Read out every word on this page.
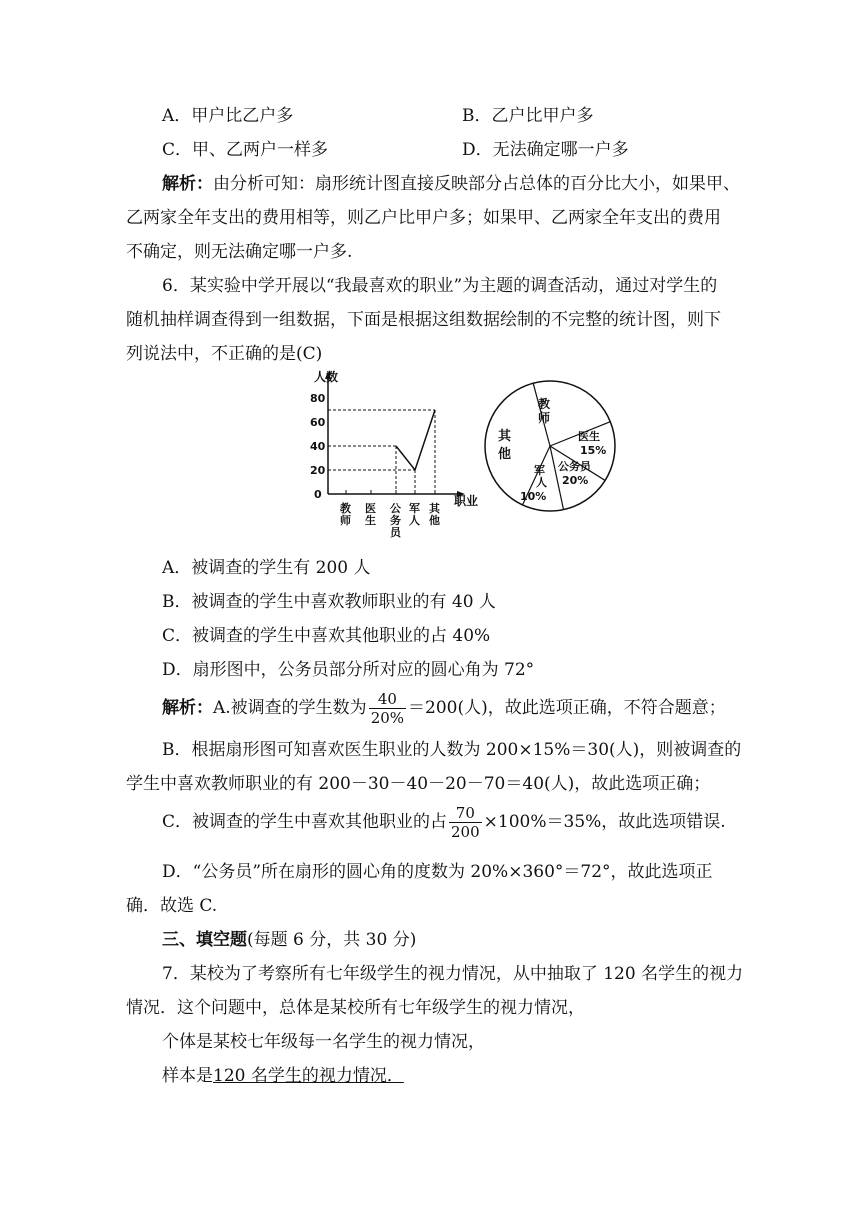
A．甲户比乙户多	B．乙户比甲户多
C．甲、乙两户一样多	D．无法确定哪一户多
解析：由分析可知：扇形统计图直接反映部分占总体的百分比大小，如果甲、
乙两家全年支出的费用相等，则乙户比甲户多；如果甲、乙两家全年支出的费用
不确定，则无法确定哪一户多.
6．某实验中学开展以“我最喜欢的职业”为主题的调查活动，通过对学生的
随机抽样调查得到一组数据，下面是根据这组数据绘制的不完整的统计图，则下
列说法中，不正确的是(C)
人数
职业
80
60
40
20
0
教师
医生
公务员
军人
其他
教师
医生
15%
公务员
20%
军人
10%
其他
A．被调查的学生有 200 人
B．被调查的学生中喜欢教师职业的有 40 人
C．被调查的学生中喜欢其他职业的占 40%
D．扇形图中，公务员部分所对应的圆心角为 72°
解析：A.被调查的学生数为 $\frac{40}{20\%} =200$(人)，故此选项正确，不符合题意；
B．根据扇形图可知喜欢医生职业的人数为 200×15%＝30(人)，则被调查的
学生中喜欢教师职业的有 200－30－40－20－70＝40(人)，故此选项正确；
C．被调查的学生中喜欢其他职业的占 $\frac{70}{200} \times 100\%=35\%$，故此选项错误.
D．“公务员”所在扇形的圆心角的度数为 20%×360°＝72°，故此选项正
确．故选 C.
三、填空题(每题 6 分，共 30 分)
7．某校为了考察所有七年级学生的视力情况，从中抽取了 120 名学生的视力
情况．这个问题中，总体是某校所有七年级学生的视力情况，
个体是某校七年级每一名学生的视力情况，
样本是120 名学生的视力情况．
